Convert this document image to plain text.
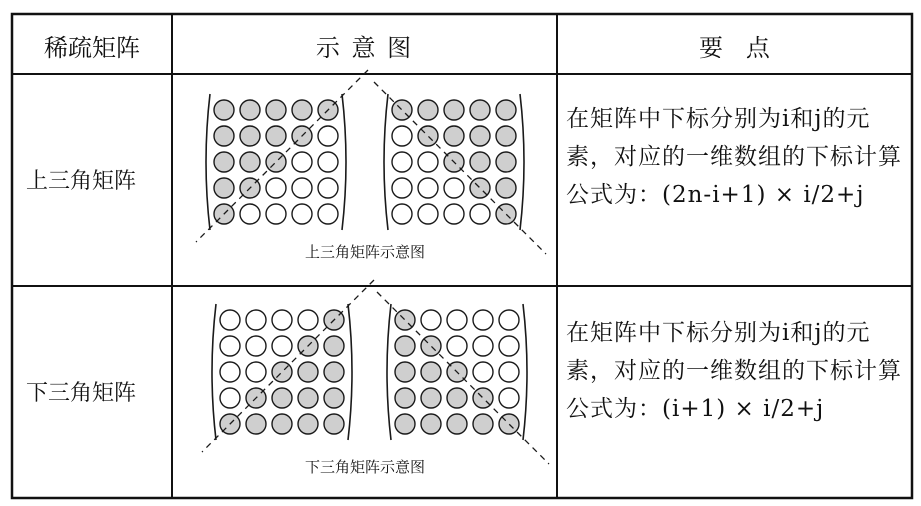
稀疏矩阵	示 意 图	要   点
上三角矩阵
上三角矩阵示意图
在矩阵中下标分别为i和j的元素，对应的一维数组的下标计算公式为：(2n-i+1) × i/2+j
下三角矩阵
下三角矩阵示意图
在矩阵中下标分别为i和j的元素，对应的一维数组的下标计算公式为：(i+1) × i/2+j
